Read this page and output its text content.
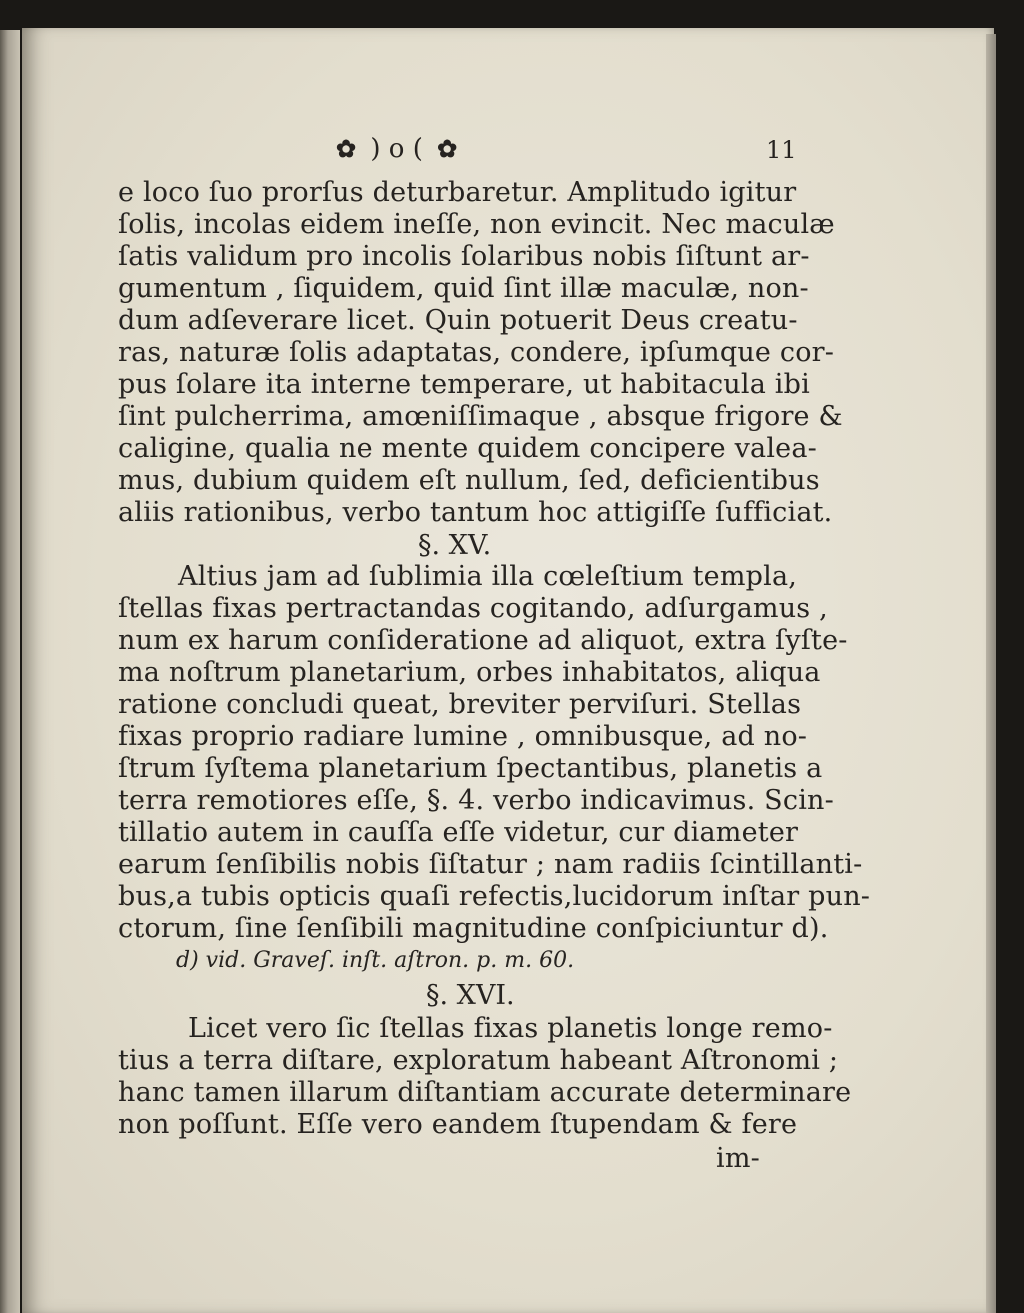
✿ ) o ( ✿	11
e loco ſuo prorſus deturbaretur. Amplitudo igitur
ſolis, incolas eidem ineſſe, non evincit. Nec maculæ
ſatis validum pro incolis ſolaribus nobis ſiſtunt ar-
gumentum , ſiquidem, quid ſint illæ maculæ, non-
dum adſeverare licet. Quin potuerit Deus creatu-
ras, naturæ ſolis adaptatas, condere, ipſumque cor-
pus ſolare ita interne temperare, ut habitacula ibi
ſint pulcherrima, amœniſſimaque , absque frigore &
caligine, qualia ne mente quidem concipere valea-
mus, dubium quidem eſt nullum, ſed, deficientibus
aliis rationibus, verbo tantum hoc attigiſſe ſufficiat.
§. XV.
Altius jam ad ſublimia illa cœleſtium templa,
ſtellas fixas pertractandas cogitando, adſurgamus ,
num ex harum conſideratione ad aliquot, extra ſyſte-
ma noſtrum planetarium, orbes inhabitatos, aliqua
ratione concludi queat, breviter perviſuri. Stellas
fixas proprio radiare lumine , omnibusque, ad no-
ſtrum ſyſtema planetarium ſpectantibus, planetis a
terra remotiores eſſe, §. 4. verbo indicavimus. Scin-
tillatio autem in cauſſa eſſe videtur, cur diameter
earum ſenſibilis nobis ſiſtatur ; nam radiis ſcintillanti-
bus,a tubis opticis quaſi refectis,lucidorum inſtar pun-
ctorum, ſine ſenſibili magnitudine conſpiciuntur d).
d) vid. Graveſ. inſt. aſtron. p. m. 60.
§. XVI.
Licet vero ſic ſtellas fixas planetis longe remo-
tius a terra diſtare, exploratum habeant Aſtronomi ;
hanc tamen illarum diſtantiam accurate determinare
non poſſunt. Eſſe vero eandem ſtupendam & fere
im-
